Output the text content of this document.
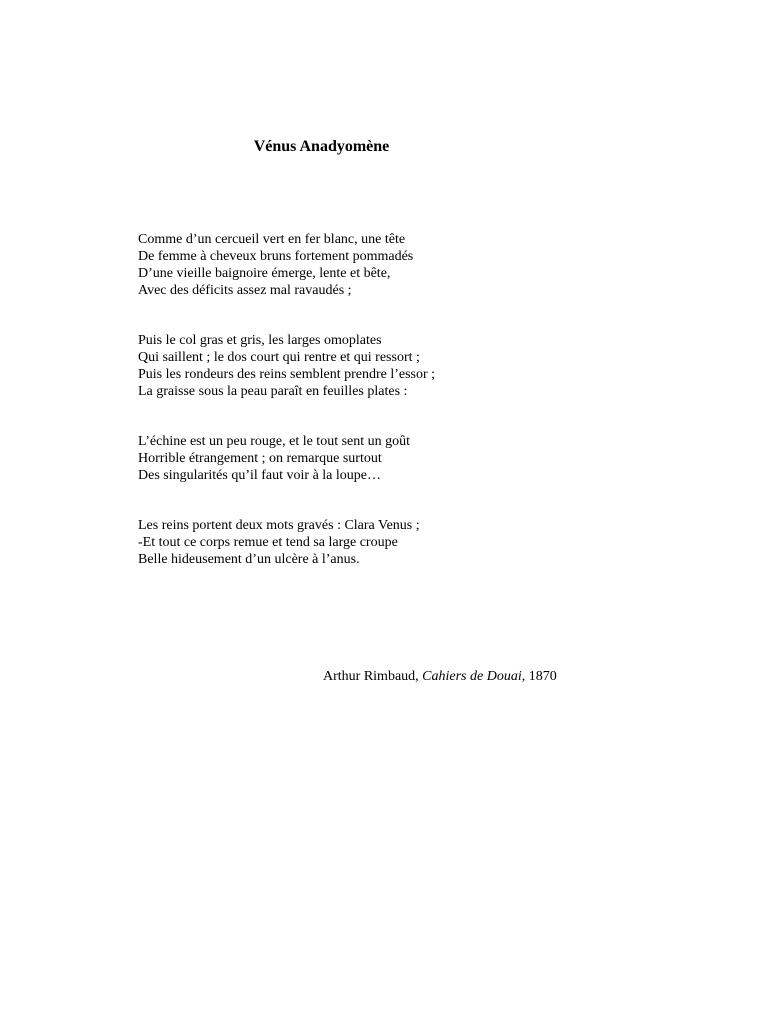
Vénus Anadyomène
Comme d’un cercueil vert en fer blanc, une tête
De femme à cheveux bruns fortement pommadés
D’une vieille baignoire émerge, lente et bête,
Avec des déficits assez mal ravaudés ;
Puis le col gras et gris, les larges omoplates
Qui saillent ; le dos court qui rentre et qui ressort ;
Puis les rondeurs des reins semblent prendre l’essor ;
La graisse sous la peau paraît en feuilles plates :
L’échine est un peu rouge, et le tout sent un goût
Horrible étrangement ; on remarque surtout
Des singularités qu’il faut voir à la loupe…
Les reins portent deux mots gravés : Clara Venus ;
-Et tout ce corps remue et tend sa large croupe
Belle hideusement d’un ulcère à l’anus.
Arthur Rimbaud, Cahiers de Douai, 1870
